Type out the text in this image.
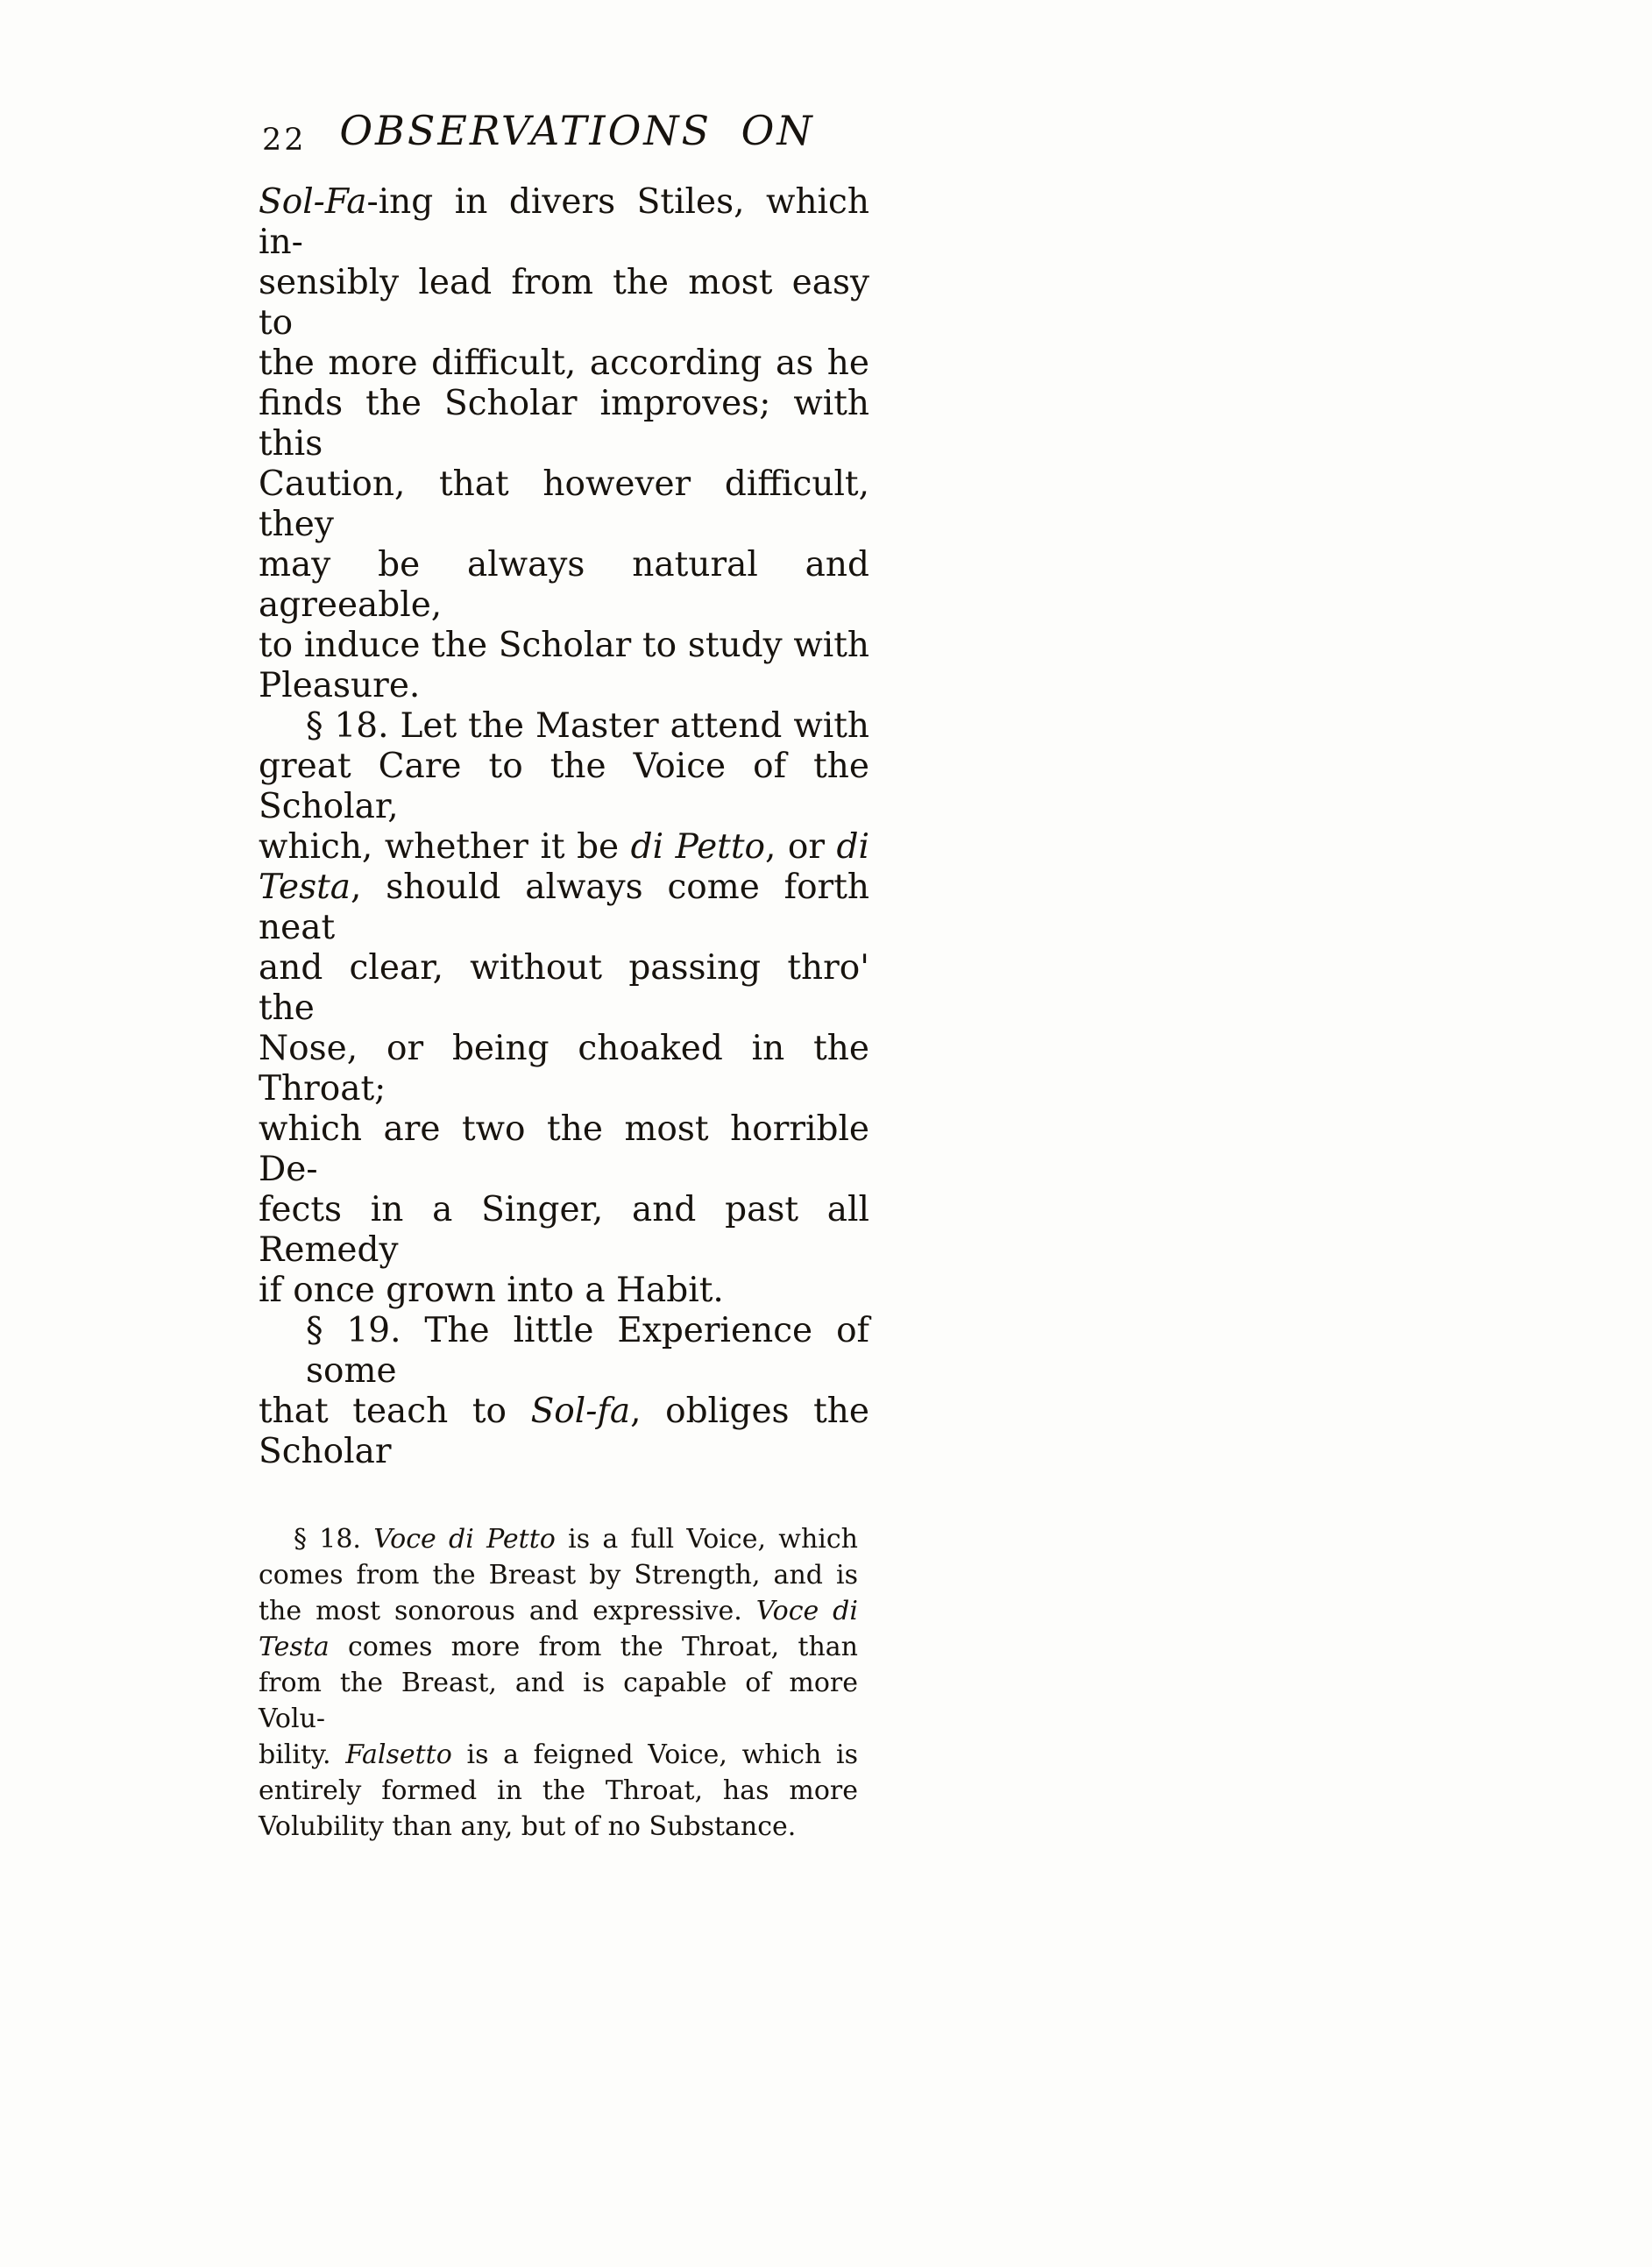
22 OBSERVATIONS ON
Sol-Fa-ing in divers Stiles, which in-
sensibly lead from the most easy to
the more difficult, according as he
finds the Scholar improves; with this
Caution, that however difficult, they
may be always natural and agreeable,
to induce the Scholar to study with
Pleasure.
§ 18. Let the Master attend with
great Care to the Voice of the Scholar,
which, whether it be di Petto, or di
Testa, should always come forth neat
and clear, without passing thro' the
Nose, or being choaked in the Throat;
which are two the most horrible De-
fects in a Singer, and past all Remedy
if once grown into a Habit.
§ 19. The little Experience of some
that teach to Sol-fa, obliges the Scholar
§ 18. Voce di Petto is a full Voice, which
comes from the Breast by Strength, and is
the most sonorous and expressive. Voce di
Testa comes more from the Throat, than
from the Breast, and is capable of more Volu-
bility. Falsetto is a feigned Voice, which is
entirely formed in the Throat, has more
Volubility than any, but of no Substance.
